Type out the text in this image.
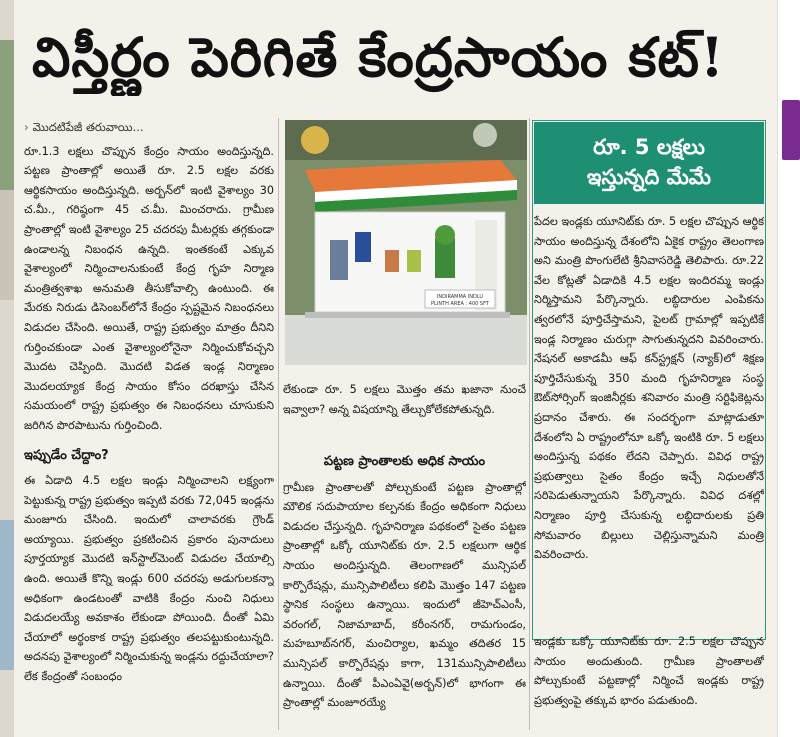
విస్తీర్ణం పెరిగితే కేంద్రసాయం కట్!
› మొదటిపేజీ తరువాయి...
రూ.1.3 లక్షలు చొప్పున కేంద్రం సాయం అందిస్తున్నది. పట్టణ ప్రాంతాల్లో అయితే రూ. 2.5 లక్షల వరకు ఆర్థికసాయం అందిస్తున్నది. అర్బన్‌లో ఇంటి వైశాల్యం 30 చ.మీ., గరిష్ఠంగా 45 చ.మీ. మించరాదు. గ్రామీణ ప్రాంతాల్లో ఇంటి వైశాల్యం 25 చదరపు మీటర్లకు తగ్గకుండా ఉండాలన్న నిబంధన ఉన్నది. ఇంతకంటే ఎక్కువ వైశాల్యంలో నిర్మించాలనుకుంటే కేంద్ర గృహ నిర్మాణ మంత్రిత్వశాఖ అనుమతి తీసుకోవాల్సి ఉంటుంది. ఈ మేరకు నిరుడు డిసెంబర్‌లోనే కేంద్రం స్పష్టమైన నిబంధనలు విడుదల చేసింది. అయితే, రాష్ట్ర ప్రభుత్వం మాత్రం దీనిని గుర్తించకుండా ఎంత వైశాల్యంలోనైనా నిర్మించుకోవచ్చని మొదట చెప్పింది. మొదటి విడత ఇండ్ల నిర్మాణం మొదలయ్యాక కేంద్ర సాయం కోసం దరఖాస్తు చేసిన సమయంలో రాష్ట్ర ప్రభుత్వం ఈ నిబంధనలు చూసుకుని జరిగిన పొరపాటును గుర్తించింది.
ఇప్పుడేం చేద్దాం?
ఈ ఏడాది 4.5 లక్షల ఇండ్లు నిర్మించాలని లక్ష్యంగా పెట్టుకున్న రాష్ట్ర ప్రభుత్వం ఇప్పటి వరకు 72,045 ఇండ్లను మంజూరు చేసింది. ఇందులో చాలావరకు గ్రౌండ్ అయ్యాయి. ప్రభుత్వం ప్రకటించిన ప్రకారం పునాదులు పూర్తయ్యాక మొదటి ఇన్‌స్టాల్‌మెంట్ విడుదల చేయాల్సి ఉంది. అయితే కొన్ని ఇండ్లు 600 చదరపు అడుగులకన్నా అధికంగా ఉండటంతో వాటికి కేంద్రం నుంచి నిధులు విడుదలయ్యే అవకాశం లేకుండా పోయింది. దీంతో ఏమి చేయాలో అర్థంకాక రాష్ట్ర ప్రభుత్వం తలపట్టుకుంటున్నది. అదనపు వైశాల్యంలో నిర్మించుకున్న ఇండ్లను రద్దుచేయాలా? లేక కేంద్రంతో సంబంధం
INDIRAMMA INDLU
PLINTH AREA : 400 SFT
లేకుండా రూ. 5 లక్షలు మొత్తం తమ ఖజానా నుంచే ఇవ్వాలా? అన్న విషయాన్ని తేల్చుకోలేకపోతున్నది.
పట్టణ ప్రాంతాలకు అధిక సాయం
గ్రామీణ ప్రాంతాలతో పోల్చుకుంటే పట్టణ ప్రాంతాల్లో మౌలిక సదుపాయాల కల్పనకు కేంద్రం అధికంగా నిధులు విడుదల చేస్తున్నది. గృహనిర్మాణ పథకంలో సైతం పట్టణ ప్రాంతాల్లో ఒక్కో యూనిట్‌కు రూ. 2.5 లక్షలుగా ఆర్థిక సాయం అందిస్తున్నది. తెలంగాణలో మున్సిపల్ కార్పొరేషన్లు, మున్సిపాలిటీలు కలిపి మొత్తం 147 పట్టణ స్థానిక సంస్థలు ఉన్నాయి. ఇందులో జీహెచ్ఎంసీ, వరంగల్, నిజామాబాద్, కరీంనగర్, రామగుండం, మహబూబ్‌నగర్, మంచిర్యాల, ఖమ్మం తదితర 15 మున్సిపల్ కార్పొరేషన్లు కాగా, 131మున్సిపాలిటీలు ఉన్నాయి. దీంతో పీఎంఏవై(అర్బన్)లో భాగంగా ఈ ప్రాంతాల్లో మంజూరయ్యే
రూ. 5 లక్షలు
ఇస్తున్నది మేమే
పేదల ఇండ్లకు యూనిట్‌కు రూ. 5 లక్షల చొప్పున ఆర్థిక సాయం అందిస్తున్న దేశంలోని ఏకైక రాష్ట్రం తెలంగాణ అని మంత్రి పొంగులేటి శ్రీనివాసరెడ్డి తెలిపారు. రూ.22 వేల కోట్లతో ఏడాదికి 4.5 లక్షల ఇందిరమ్మ ఇండ్లు నిర్మిస్తామని పేర్కొన్నారు. లబ్ధిదారుల ఎంపికను త్వరలోనే పూర్తిచేస్తామని, పైలట్ గ్రామాల్లో ఇప్పటికే ఇండ్ల నిర్మాణం చురుగ్గా సాగుతున్నదని వివరించారు. నేషనల్ అకాడమీ ఆఫ్ కన్‌స్ట్రక్షన్ (న్యాక్)లో శిక్షణ పూర్తిచేసుకున్న 350 మంది గృహనిర్మాణ సంస్థ ఔట్‌సోర్సింగ్ ఇంజినీర్లకు శనివారం మంత్రి సర్టిఫికెట్లను ప్రదానం చేశారు. ఈ సందర్భంగా మాట్లాడుతూ దేశంలోని ఏ రాష్ట్రంలోనూ ఒక్కో ఇంటికి రూ. 5 లక్షలు అందిస్తున్న పథకం లేదని చెప్పారు. వివిధ రాష్ట్ర ప్రభుత్వాలు సైతం కేంద్రం ఇచ్చే నిధులతోనే సరిపెడుతున్నాయని పేర్కొన్నారు. వివిధ దశల్లో నిర్మాణం పూర్తి చేసుకున్న లబ్ధిదారులకు ప్రతి సోమవారం బిల్లులు చెల్లిస్తున్నామని మంత్రి వివరించారు.
ఇండ్లకు ఒక్కో యూనిట్‌కు రూ. 2.5 లక్షల చొప్పున సాయం అందుతుంది. గ్రామీణ ప్రాంతాలతో పోల్చుకుంటే పట్టణాల్లో నిర్మించే ఇండ్లకు రాష్ట్ర ప్రభుత్వంపై తక్కువ భారం పడుతుంది.
